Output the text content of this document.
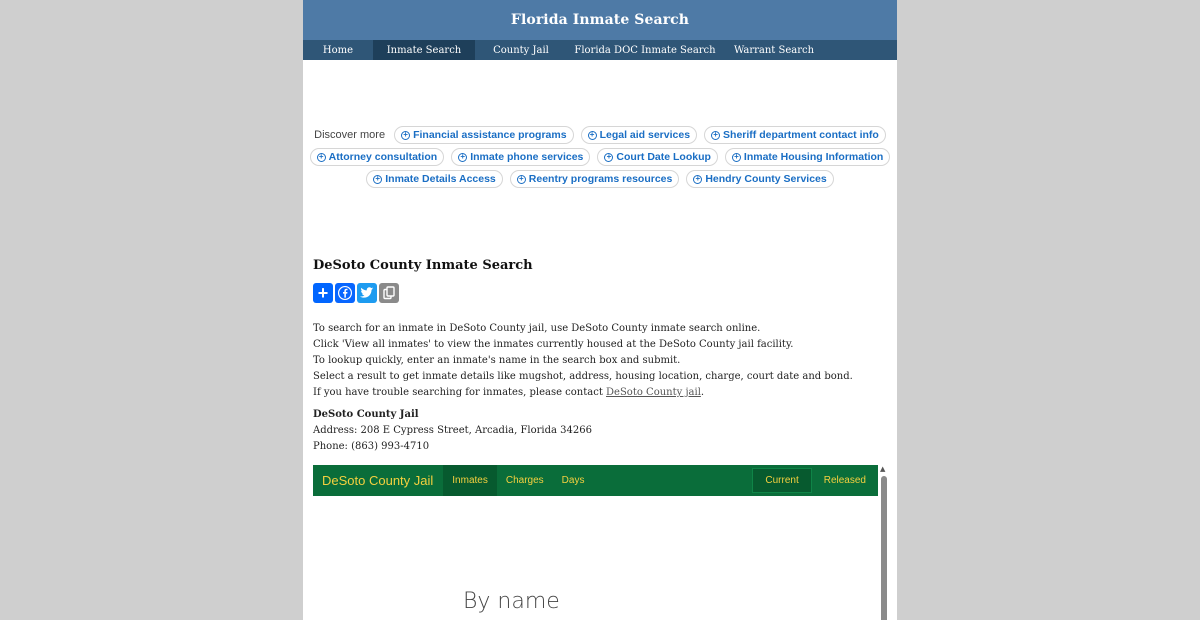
Florida Inmate Search
Home	Inmate Search	County Jail	Florida DOC Inmate Search	Warrant Search
Discover more + Financial assistance programs	+ Legal aid services	+ Sheriff department contact info
+ Attorney consultation	+ Inmate phone services	+ Court Date Lookup	+ Inmate Housing Information
+ Inmate Details Access	+ Reentry programs resources	+ Hendry County Services
DeSoto County Inmate Search
+

To search for an inmate in DeSoto County jail, use DeSoto County inmate search online.

Click 'View all inmates' to view the inmates currently housed at the DeSoto County jail facility.

To lookup quickly, enter an inmate's name in the search box and submit.

Select a result to get inmate details like mugshot, address, housing location, charge, court date and bond.

If you have trouble searching for inmates, please contact DeSoto County jail.

DeSoto County Jail
Address: 208 E Cypress Street, Arcadia, Florida 34266
Phone: (863) 993-4710
DeSoto County Jail	Inmates	Charges	Days	Current	Released
By name
▲
